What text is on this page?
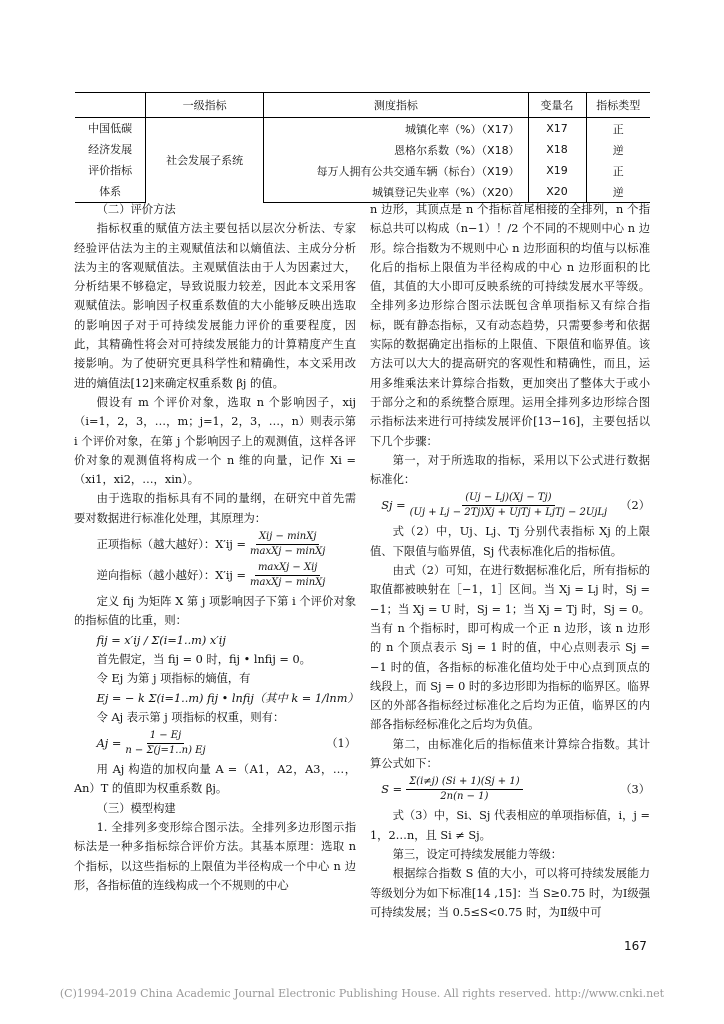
	一级指标	测度指标	变量名	指标类型
中国低碳	社会发展子系统	城镇化率（%）（X17）	X17	正
经济发展		恩格尔系数（%）（X18）	X18	逆
评价指标		每万人拥有公共交通车辆（标台）（X19）	X19	正
体系		城镇登记失业率（%）（X20）	X20	逆

（二）评价方法

指标权重的赋值方法主要包括以层次分析法、专家经验评估法为主的主观赋值法和以熵值法、主成分分析法为主的客观赋值法。主观赋值法由于人为因素过大，分析结果不够稳定，导致说服力较差，因此本文采用客观赋值法。影响因子权重系数值的大小能够反映出选取的影响因子对于可持续发展能力评价的重要程度，因此，其精确性将会对可持续发展能力的计算精度产生直接影响。为了使研究更具科学性和精确性，本文采用改进的熵值法[12]来确定权重系数 βj 的值。

假设有 m 个评价对象，选取 n 个影响因子，xij（i=1，2，3，…，m；j=1，2，3，…，n）则表示第 i 个评价对象，在第 j 个影响因子上的观测值，这样各评价对象的观测值将构成一个 n 维的向量，记作 Xi =（xi1，xi2，…，xin）。

由于选取的指标具有不同的量纲，在研究中首先需要对数据进行标准化处理，其原理为：

正项指标（越大越好）：$X'ij = \frac{\text{Xij − minXj}}{\text{maxXj − minXj}}$
逆向指标（越小越好）：$X'ij = \frac{\text{maxXj − Xij}}{\text{maxXj − minXj}}$

定义 fij 为矩阵 X 第 j 项影响因子下第 i 个评价对象的指标值的比重，则：

fij = x′ij / Σ(i=1..m) x′ij

首先假定，当 fij = 0 时，fij • lnfij = 0。

令 Ej 为第 j 项指标的熵值，有

Ej = − k Σ(i=1..m) fij • lnfij（其中 k = 1/lnm）

令 Aj 表示第 j 项指标的权重，则有：

$Aj = \frac{1 - Ej}{n - \Sigma(j=1..n) Ej}$	（1）

用 Aj 构造的加权向量 A =（A1，A2，A3，…，An）T 的值即为权重系数 βj。

（三）模型构建

1. 全排列多变形综合图示法。全排列多边形图示指标法是一种多指标综合评价方法。其基本原理：选取 n 个指标，以这些指标的上限值为半径构成一个中心 n 边形，各指标值的连线构成一个不规则的中心

n 边形，其顶点是 n 个指标首尾相接的全排列，n 个指标总共可以构成（n−1）！/2 个不同的不规则中心 n 边形。综合指数为不规则中心 n 边形面积的均值与以标准化后的指标上限值为半径构成的中心 n 边形面积的比值，其值的大小即可反映系统的可持续发展水平等级。全排列多边形综合图示法既包含单项指标又有综合指标，既有静态指标，又有动态趋势，只需要参考和依据实际的数据确定出指标的上限值、下限值和临界值。该方法可以大大的提高研究的客观性和精确性，而且，运用多维乘法来计算综合指数，更加突出了整体大于或小于部分之和的系统整合原理。运用全排列多边形综合图示指标法来进行可持续发展评价[13−16]，主要包括以下几个步骤：

第一，对于所选取的指标，采用以下公式进行数据标准化：

$Sj = \frac{(Uj - Lj)(Xj - Tj)}{\text{(Uj + Lj − 2Tj)Xj + UjTj + LjTj − 2UjLj}} (2)$

式（2）中，Uj、Lj、Tj 分别代表指标 Xj 的上限值、下限值与临界值，Sj 代表标准化后的指标值。

由式（2）可知，在进行数据标准化后，所有指标的取值都被映射在［−1，1］区间。当 Xj = Lj 时，Sj = −1；当 Xj = U 时，Sj = 1；当 Xj = Tj 时，Sj = 0。当有 n 个指标时，即可构成一个正 n 边形，该 n 边形的 n 个顶点表示 Sj = 1 时的值，中心点则表示 Sj = −1 时的值，各指标的标准化值均处于中心点到顶点的线段上，而 Sj = 0 时的多边形即为指标的临界区。临界区的外部各指标经过标准化之后均为正值，临界区的内部各指标经标准化之后均为负值。

第二，由标准化后的指标值来计算综合指数。其计算公式如下：

$S = \frac{\Sigma(i\ne j) (Si + 1)(Sj + 1)}{2n(n - 1)}$	（3）

式（3）中，Si、Sj 代表相应的单项指标值，i，j = 1，2…n，且 Si ≠ Sj。

第三，设定可持续发展能力等级：

根据综合指数 S 值的大小，可以将可持续发展能力等级划分为如下标准[14 ,15]：当 S≥0.75 时，为Ⅰ级强可持续发展；当 0.5≤S<0.75 时，为Ⅱ级中可

167
(C)1994-2019 China Academic Journal Electronic Publishing House. All rights reserved. http://www.cnki.net
